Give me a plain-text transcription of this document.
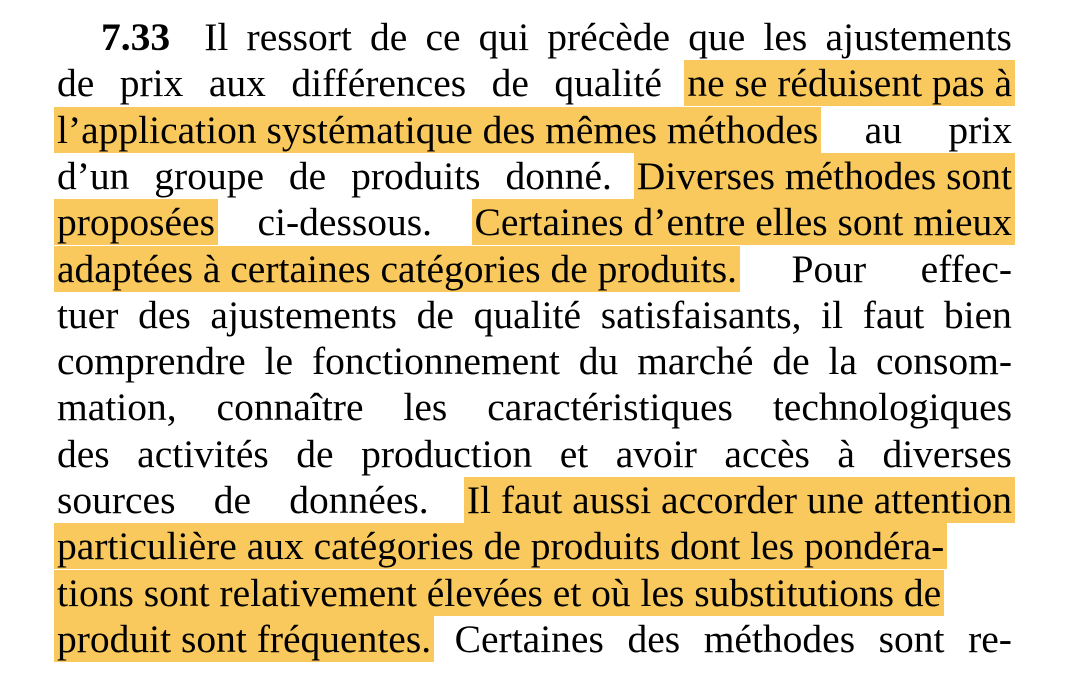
7.33 Il ressort de ce qui précède que les ajustements
de prix aux différences de qualité ne se réduisent pas à
l’application systématique des mêmes méthodes au prix
d’un groupe de produits donné. Diverses méthodes sont
proposées ci-dessous. Certaines d’entre elles sont mieux
adaptées à certaines catégories de produits. Pour effec-
tuer des ajustements de qualité satisfaisants, il faut bien
comprendre le fonctionnement du marché de la consom-
mation, connaître les caractéristiques technologiques
des activités de production et avoir accès à diverses
sources de données. Il faut aussi accorder une attention
particulière aux catégories de produits dont les pondéra-
tions sont relativement élevées et où les substitutions de
produit sont fréquentes. Certaines des méthodes sont re-
